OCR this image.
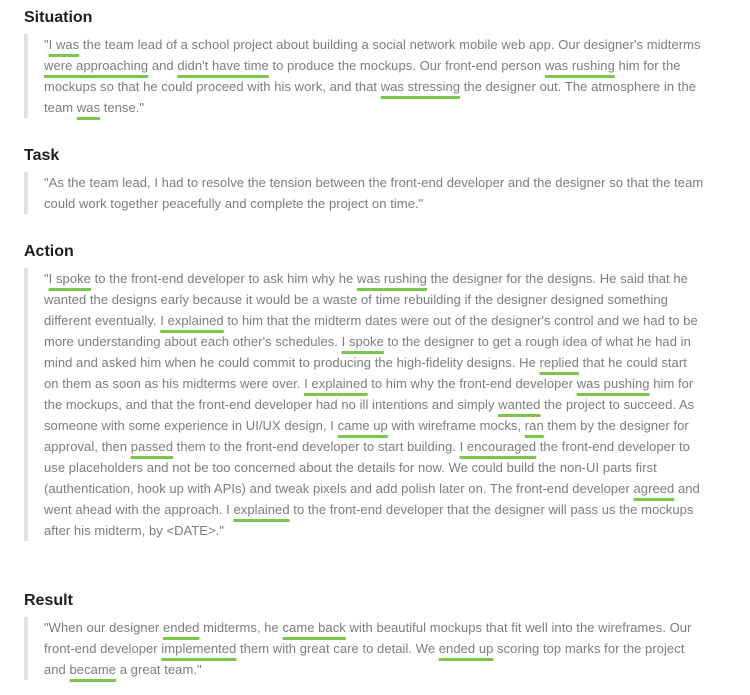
Situation
"I was the team lead of a school project about building a social network mobile web app. Our designer's midterms were approaching and didn't have time to produce the mockups. Our front-end person was rushing him for the mockups so that he could proceed with his work, and that was stressing the designer out. The atmosphere in the team was tense."
Task
"As the team lead, I had to resolve the tension between the front-end developer and the designer so that the team could work together peacefully and complete the project on time."
Action
"I spoke to the front-end developer to ask him why he was rushing the designer for the designs. He said that he wanted the designs early because it would be a waste of time rebuilding if the designer designed something different eventually. I explained to him that the midterm dates were out of the designer's control and we had to be more understanding about each other's schedules. I spoke to the designer to get a rough idea of what he had in mind and asked him when he could commit to producing the high-fidelity designs. He replied that he could start on them as soon as his midterms were over. I explained to him why the front-end developer was pushing him for the mockups, and that the front-end developer had no ill intentions and simply wanted the project to succeed. As someone with some experience in UI/UX design, I came up with wireframe mocks, ran them by the designer for approval, then passed them to the front-end developer to start building. I encouraged the front-end developer to use placeholders and not be too concerned about the details for now. We could build the non-UI parts first (authentication, hook up with APIs) and tweak pixels and add polish later on. The front-end developer agreed and went ahead with the approach. I explained to the front-end developer that the designer will pass us the mockups after his midterm, by <DATE>."
Result
"When our designer ended midterms, he came back with beautiful mockups that fit well into the wireframes. Our front-end developer implemented them with great care to detail. We ended up scoring top marks for the project and became a great team."
